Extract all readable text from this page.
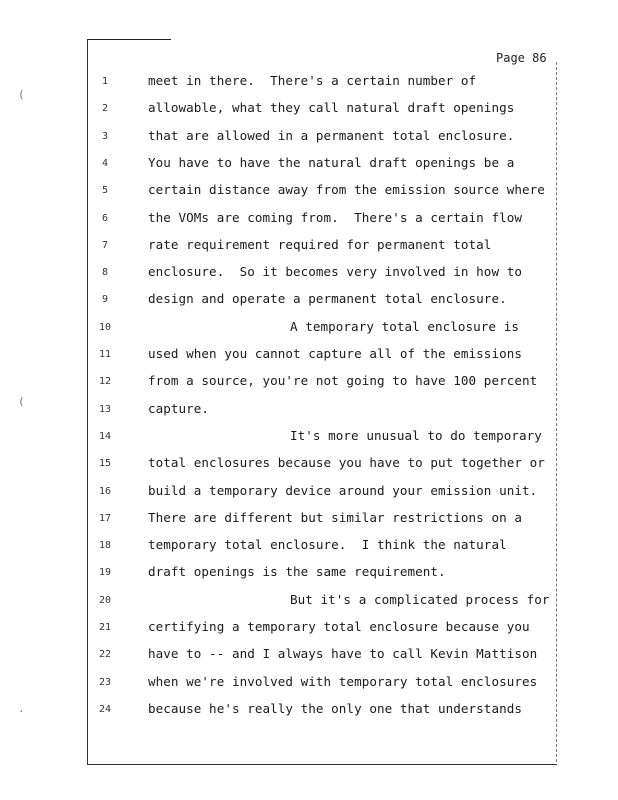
(
(
·
Page 86
1	meet in there.  There's a certain number of
2	allowable, what they call natural draft openings
3	that are allowed in a permanent total enclosure.
4	You have to have the natural draft openings be a
5	certain distance away from the emission source where
6	the VOMs are coming from.  There's a certain flow
7	rate requirement required for permanent total
8	enclosure.  So it becomes very involved in how to
9	design and operate a permanent total enclosure.
10	A temporary total enclosure is
11	used when you cannot capture all of the emissions
12	from a source, you're not going to have 100 percent
13	capture.
14	It's more unusual to do temporary
15	total enclosures because you have to put together or
16	build a temporary device around your emission unit.
17	There are different but similar restrictions on a
18	temporary total enclosure.  I think the natural
19	draft openings is the same requirement.
20	But it's a complicated process for
21	certifying a temporary total enclosure because you
22	have to -- and I always have to call Kevin Mattison
23	when we're involved with temporary total enclosures
24	because he's really the only one that understands
